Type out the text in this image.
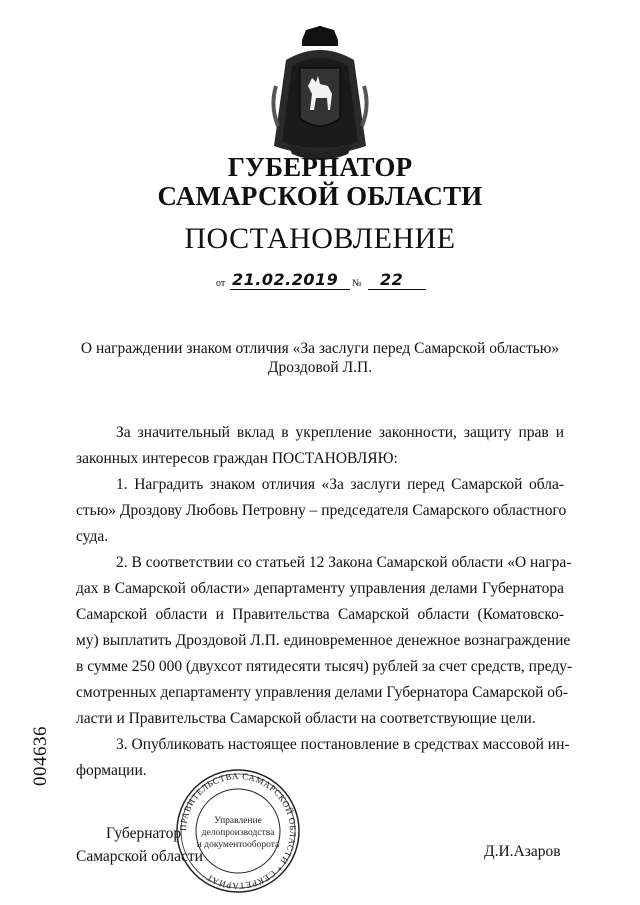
ГУБЕРНАТОР
САМАРСКОЙ ОБЛАСТИ
ПОСТАНОВЛЕНИЕ
от 21.02.2019 № 22
О награждении знаком отличия «За заслуги перед Самарской областью»
Дроздовой Л.П.
За значительный вклад в укрепление законности, защиту прав и
законных интересов граждан ПОСТАНОВЛЯЮ:
1. Наградить знаком отличия «За заслуги перед Самарской обла-
стью» Дроздову Любовь Петровну – председателя Самарского областного
суда.
2. В соответствии со статьей 12 Закона Самарской области «О награ-
дах в Самарской области» департаменту управления делами Губернатора
Самарской области и Правительства Самарской области (Коматовско-
му) выплатить Дроздовой Л.П. единовременное денежное вознаграждение
в сумме 250 000 (двухсот пятидесяти тысяч) рублей за счет средств, преду-
смотренных департаменту управления делами Губернатора Самарской об-
ласти и Правительства Самарской области на соответствующие цели.
3. Опубликовать настоящее постановление в средствах массовой ин-
формации.
004636
Губернатор
Самарской области	Д.И.Азаров
ПРАВИТЕЛЬСТВА САМАРСКОЙ ОБЛАСТИ * СЕКРЕТАРИАТ
Управление
делопроизводства
и документооборота
